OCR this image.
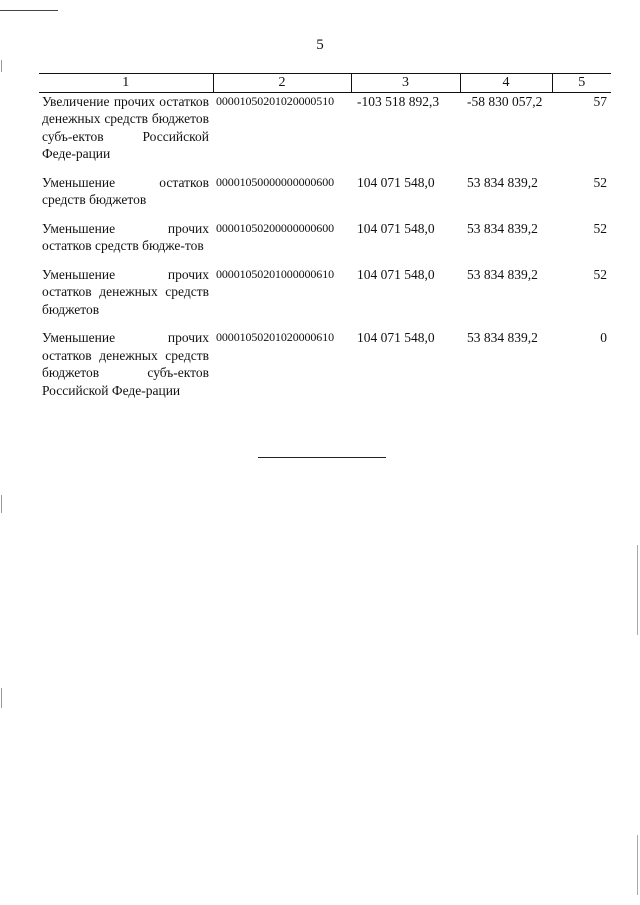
5
1	2	3	4	5
Увеличение прочих остатков денежных средств бюджетов субъ-ектов Российской Феде-рации	00001050201020000510	-103 518 892,3	-58 830 057,2	57
Уменьшение остатков средств бюджетов	00001050000000000600	104 071 548,0	53 834 839,2	52
Уменьшение прочих остатков средств бюдже-тов	00001050200000000600	104 071 548,0	53 834 839,2	52
Уменьшение прочих остатков денежных средств бюджетов	00001050201000000610	104 071 548,0	53 834 839,2	52
Уменьшение прочих остатков денежных средств бюджетов субъ-ектов Российской Феде-рации	00001050201020000610	104 071 548,0	53 834 839,2	0
